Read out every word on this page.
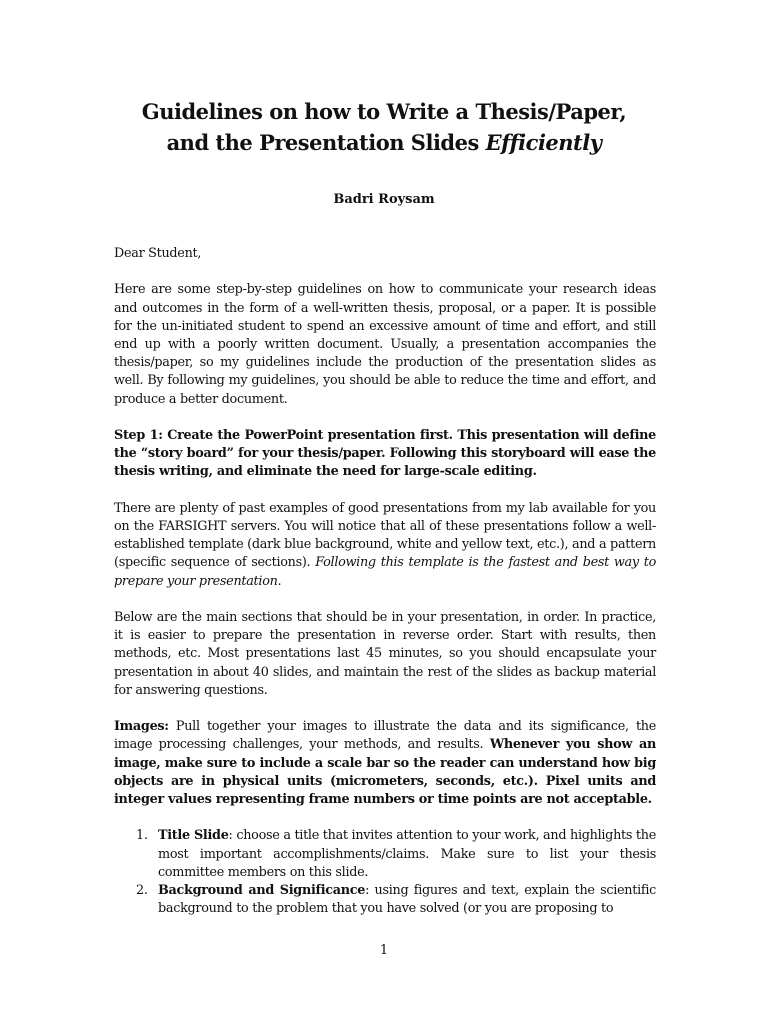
Guidelines on how to Write a Thesis/Paper,
and the Presentation Slides Efficiently

Badri Roysam

Dear Student,

Here are some step-by-step guidelines on how to communicate your research ideas and outcomes in the form of a well-written thesis, proposal, or a paper. It is possible for the un-initiated student to spend an excessive amount of time and effort, and still end up with a poorly written document. Usually, a presentation accompanies the thesis/paper, so my guidelines include the production of the presentation slides as well. By following my guidelines, you should be able to reduce the time and effort, and produce a better document.

Step 1: Create the PowerPoint presentation first. This presentation will define the “story board” for your thesis/paper. Following this storyboard will ease the thesis writing, and eliminate the need for large-scale editing.

There are plenty of past examples of good presentations from my lab available for you on the FARSIGHT servers. You will notice that all of these presentations follow a well-established template (dark blue background, white and yellow text, etc.), and a pattern (specific sequence of sections). Following this template is the fastest and best way to prepare your presentation.

Below are the main sections that should be in your presentation, in order. In practice, it is easier to prepare the presentation in reverse order. Start with results, then methods, etc. Most presentations last 45 minutes, so you should encapsulate your presentation in about 40 slides, and maintain the rest of the slides as backup material for answering questions.

Images: Pull together your images to illustrate the data and its significance, the image processing challenges, your methods, and results. Whenever you show an image, make sure to include a scale bar so the reader can understand how big objects are in physical units (micrometers, seconds, etc.). Pixel units and integer values representing frame numbers or time points are not acceptable.

1. Title Slide: choose a title that invites attention to your work, and highlights the most important accomplishments/claims. Make sure to list your thesis committee members on this slide.
2. Background and Significance: using figures and text, explain the scientific background to the problem that you have solved (or you are proposing to
1
